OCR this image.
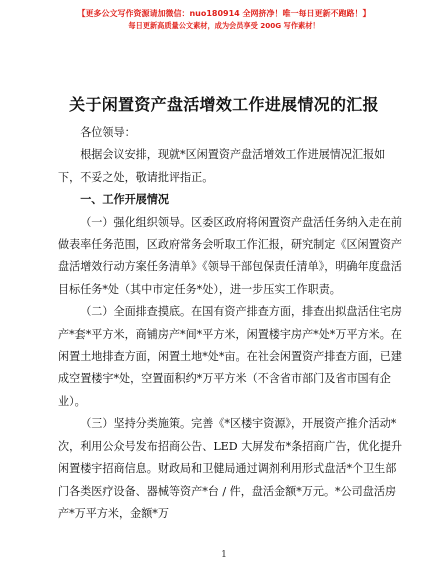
【更多公文写作资源请加微信：nuo180914 全网挤净！唯一每日更新不跑路！】
每日更新高质量公文素材，成为会员享受 200G 写作素材！
关于闲置资产盘活增效工作进展情况的汇报

各位领导：

根据会议安排，现就*区闲置资产盘活增效工作进展情况汇报如下，不妥之处，敬请批评指正。

一、工作开展情况

（一）强化组织领导。区委区政府将闲置资产盘活任务纳入走在前做表率任务范围，区政府常务会听取工作汇报，研究制定《区闲置资产盘活增效行动方案任务清单》《领导干部包保责任清单》，明确年度盘活目标任务*处（其中市定任务*处），进一步压实工作职责。

（二）全面排查摸底。在国有资产排查方面，排查出拟盘活住宅房产*套*平方米，商铺房产*间*平方米，闲置楼宇房产*处*万平方米。在闲置土地排查方面，闲置土地*处*亩。在社会闲置资产排查方面，已建成空置楼宇*处，空置面积约*万平方米（不含省市部门及省市国有企业）。

（三）坚持分类施策。完善《*区楼宇资源》，开展资产推介活动*次，利用公众号发布招商公告、LED 大屏发布*条招商广告，优化提升闲置楼宇招商信息。财政局和卫健局通过调剂利用形式盘活*个卫生部门各类医疗设备、器械等资产*台 / 件，盘活金额*万元。*公司盘活房产*万平方米，金额*万

1
